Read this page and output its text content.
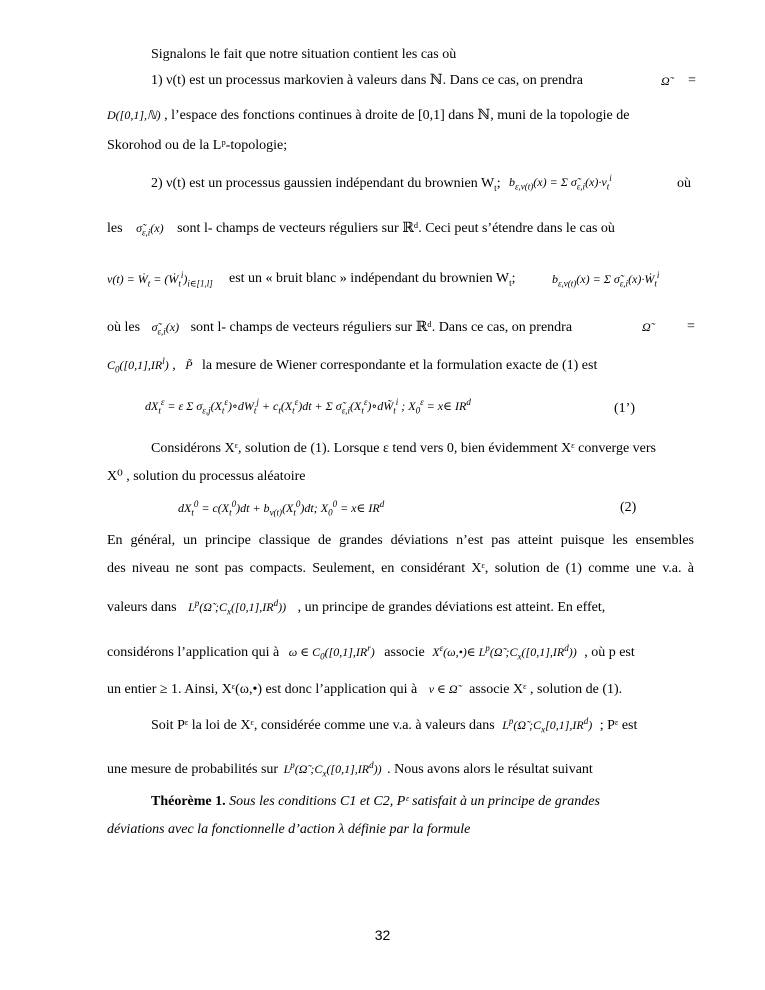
Signalons le fait que notre situation contient les cas où
1) ν(t) est un processus markovien à valeurs dans ℕ. Dans ce cas, on prendra	Ω̃ =
D([0,1],ℕ) , l’espace des fonctions continues à droite de [0,1] dans ℕ, muni de la topologie de
Skorohod ou de la Lᵖ-topologie;
2) ν(t) est un processus gaussien indépendant du brownien $W_t$; $b_{\varepsilon,\nu(t)}(x) = \Sigma$ $\sigmã_{\varepsilon,i}(x)\cdot\nu_t^i$	où
les $\sigmã_{\varepsilon,i}(x)$ sont l- champs de vecteurs réguliers sur ℝᵈ. Ceci peut s’étendre dans le cas où
ν(t) = Ẇ$_t$ = $(Ẇ_t^i)_{i\in[1,l]}$ est un « bruit blanc » indépendant du brownien $W_t$;	$b_{\varepsilon,\nu(t)}(x) = \Sigma$ $\sigmã_{\varepsilon,i}(x)\cdot Ẇ_t^i$
où les $\sigmã_{\varepsilon,i}(x)$ sont l- champs de vecteurs réguliers sur ℝᵈ. Dans ce cas, on prendra	Ω̃	=
$C_0([0,1],IR^l)$ , P̃ la mesure de Wiener correspondante et la formulation exacte de (1) est
$dX_t^\varepsilon = \varepsilon$ Σ $\sigma_{\varepsilon,j}(X_t^\varepsilon)\circ dW_t^j + c_t(X_t^\varepsilon)dt + \Sigma$ $\sigmã_{\varepsilon,i}(X_t^\varepsilon)\circ dW̃_t^i$ ; $X_0^\varepsilon$ = x∈ $IR^d$	(1’)
Considérons Xᵋ, solution de (1). Lorsque ε tend vers 0, bien évidemment Xᵋ converge vers
X⁰ , solution du processus aléatoire
$dX_t^0 = c(X_t^0)dt + b_{\nu(t)}(X_t^0)dt$; $X_0^0$ = x∈ $IR^d$	(2)
En général, un principe classique de grandes déviations n’est pas atteint puisque les ensembles
des niveau ne sont pas compacts. Seulement, en considérant Xᵋ, solution de (1) comme une v.a. à
valeurs dans $L^p(\Omegã$ $;C_x([0,1],IR^d)$) , un principe de grandes déviations est atteint. En effet,
considérons l’application qui à ω ∈ $C_0([0,1],IR^r)$ associe $X^\varepsilon(\omega,•)\in$ $L^p(\Omegã$ $;C_x([0,1],IR^d)$) , où p est
un entier ≥ 1. Ainsi, Xᵋ(ω,•) est donc l’application qui à ν ∈ Ω̃ associe Xᵋ , solution de (1).
Soit Pᵋ la loi de Xᵋ, considérée comme une v.a. à valeurs dans $L^p(\Omegã$ $;C_x[0,1],IR^d$) ; Pᵋ est
une mesure de probabilités sur $L^p(\Omegã$ $;C_x([0,1],IR^d)$) . Nous avons alors le résultat suivant
Théorème 1. Sous les conditions C1 et C2, Pᵋ satisfait à un principe de grandes
déviations avec la fonctionnelle d’action λ définie par la formule
32
